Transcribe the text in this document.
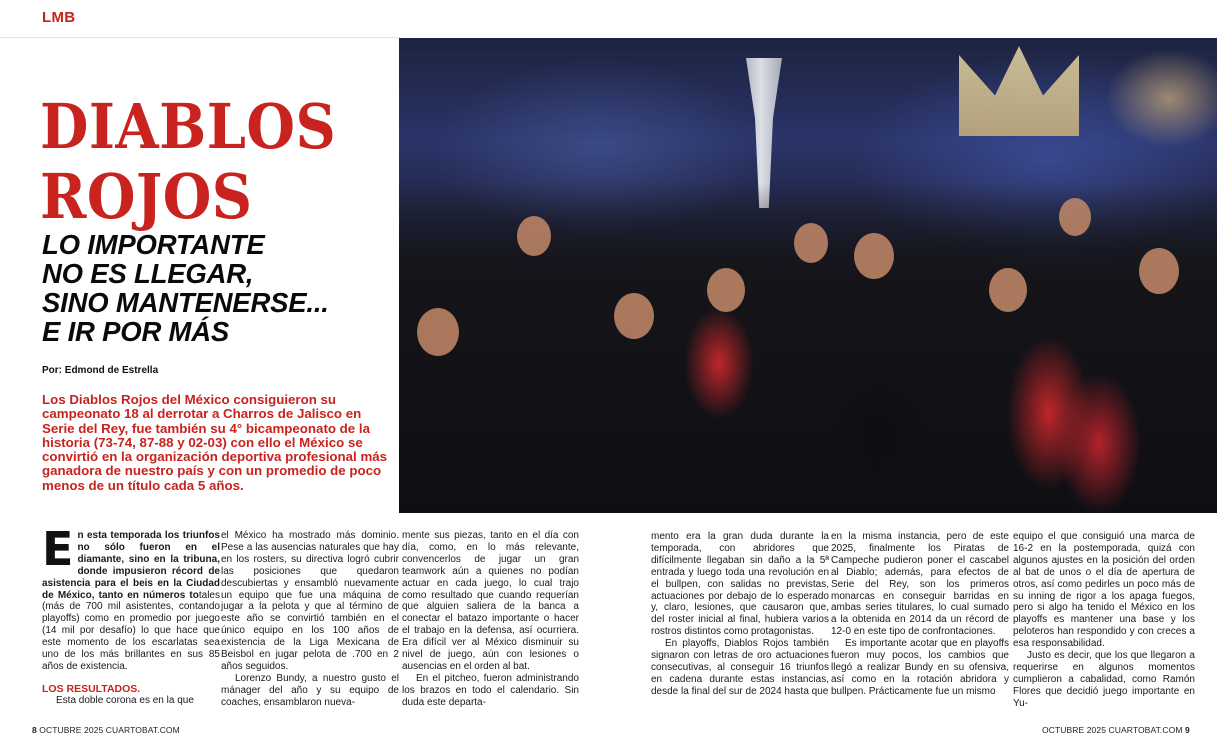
LMB
DIABLOS
ROJOS
LO IMPORTANTE
NO ES LLEGAR,
SINO MANTENERSE...
E IR POR MÁS
Por: Edmond de Estrella

Los Diablos Rojos del México consiguieron su campeonato 18 al derrotar a Charros de Jalisco en Serie del Rey, fue también su 4° bicampeonato de la historia (73-74, 87-88 y 02-03) con ello el México se convirtió en la organización deportiva profesional más ganadora de nuestro país y con un promedio de poco menos de un título cada 5 años.

En esta temporada los triunfos no sólo fueron en el diamante, sino en la tribuna, donde impusieron récord de asistencia para el beis en la Ciudad de México, tanto en números totales (más de 700 mil asistentes, contando playoffs) como en promedio por juego (14 mil por desafío) lo que hace que este momento de los escarlatas sea uno de los más brillantes en sus 85 años de existencia.

LOS RESULTADOS.

Esta doble corona es en la que

el México ha mostrado más dominio. Pese a las ausencias naturales que hay en los rosters, su directiva logró cubrir las posiciones que quedaron descubiertas y ensambló nuevamente un equipo que fue una máquina de jugar a la pelota y que al término de este año se convirtió también en el único equipo en los 100 años de existencia de la Liga Mexicana de Beisbol en jugar pelota de .700 en 2 años seguidos.

Lorenzo Bundy, a nuestro gusto el mánager del año y su equipo de coaches, ensamblaron nueva-

mente sus piezas, tanto en el día con día, como, en lo más relevante, convencerlos de jugar un gran teamwork aún a quienes no podían actuar en cada juego, lo cual trajo como resultado que cuando requerían que alguien saliera de la banca a conectar el batazo importante o hacer el trabajo en la defensa, así ocurriera. Era difícil ver al México disminuir su nivel de juego, aún con lesiones o ausencias en el orden al bat.

En el pitcheo, fueron administrando los brazos en todo el calendario. Sin duda este departa-

mento era la gran duda durante la temporada, con abridores que difícilmente llegaban sin daño a la 5ª entrada y luego toda una revolución en el bullpen, con salidas no previstas, actuaciones por debajo de lo esperado y, claro, lesiones, que causaron que, del roster inicial al final, hubiera varios rostros distintos como protagonistas.

En playoffs, Diablos Rojos también signaron con letras de oro actuaciones consecutivas, al conseguir 16 triunfos en cadena durante estas instancias, desde la final del sur de 2024 hasta que

en la misma instancia, pero de este 2025, finalmente los Piratas de Campeche pudieron poner el cascabel al Diablo; además, para efectos de Serie del Rey, son los primeros monarcas en conseguir barridas en ambas series titulares, lo cual sumado a la obtenida en 2014 da un récord de 12-0 en este tipo de confrontaciones.

Es importante acotar que en playoffs fueron muy pocos, los cambios que llegó a realizar Bundy en su ofensiva, así como en la rotación abridora y bullpen. Prácticamente fue un mismo

equipo el que consiguió una marca de 16-2 en la postemporada, quizá con algunos ajustes en la posición del orden al bat de unos o el día de apertura de otros, así como pedirles un poco más de su inning de rigor a los apaga fuegos, pero si algo ha tenido el México en los playoffs es mantener una base y los peloteros han respondido y con creces a esa responsabilidad.

Justo es decir, que los que llegaron a requerirse en algunos momentos cumplieron a cabalidad, como Ramón Flores que decidió juego importante en Yu-

8 OCTUBRE 2025 CUARTOBAT.COM	OCTUBRE 2025 CUARTOBAT.COM 9
